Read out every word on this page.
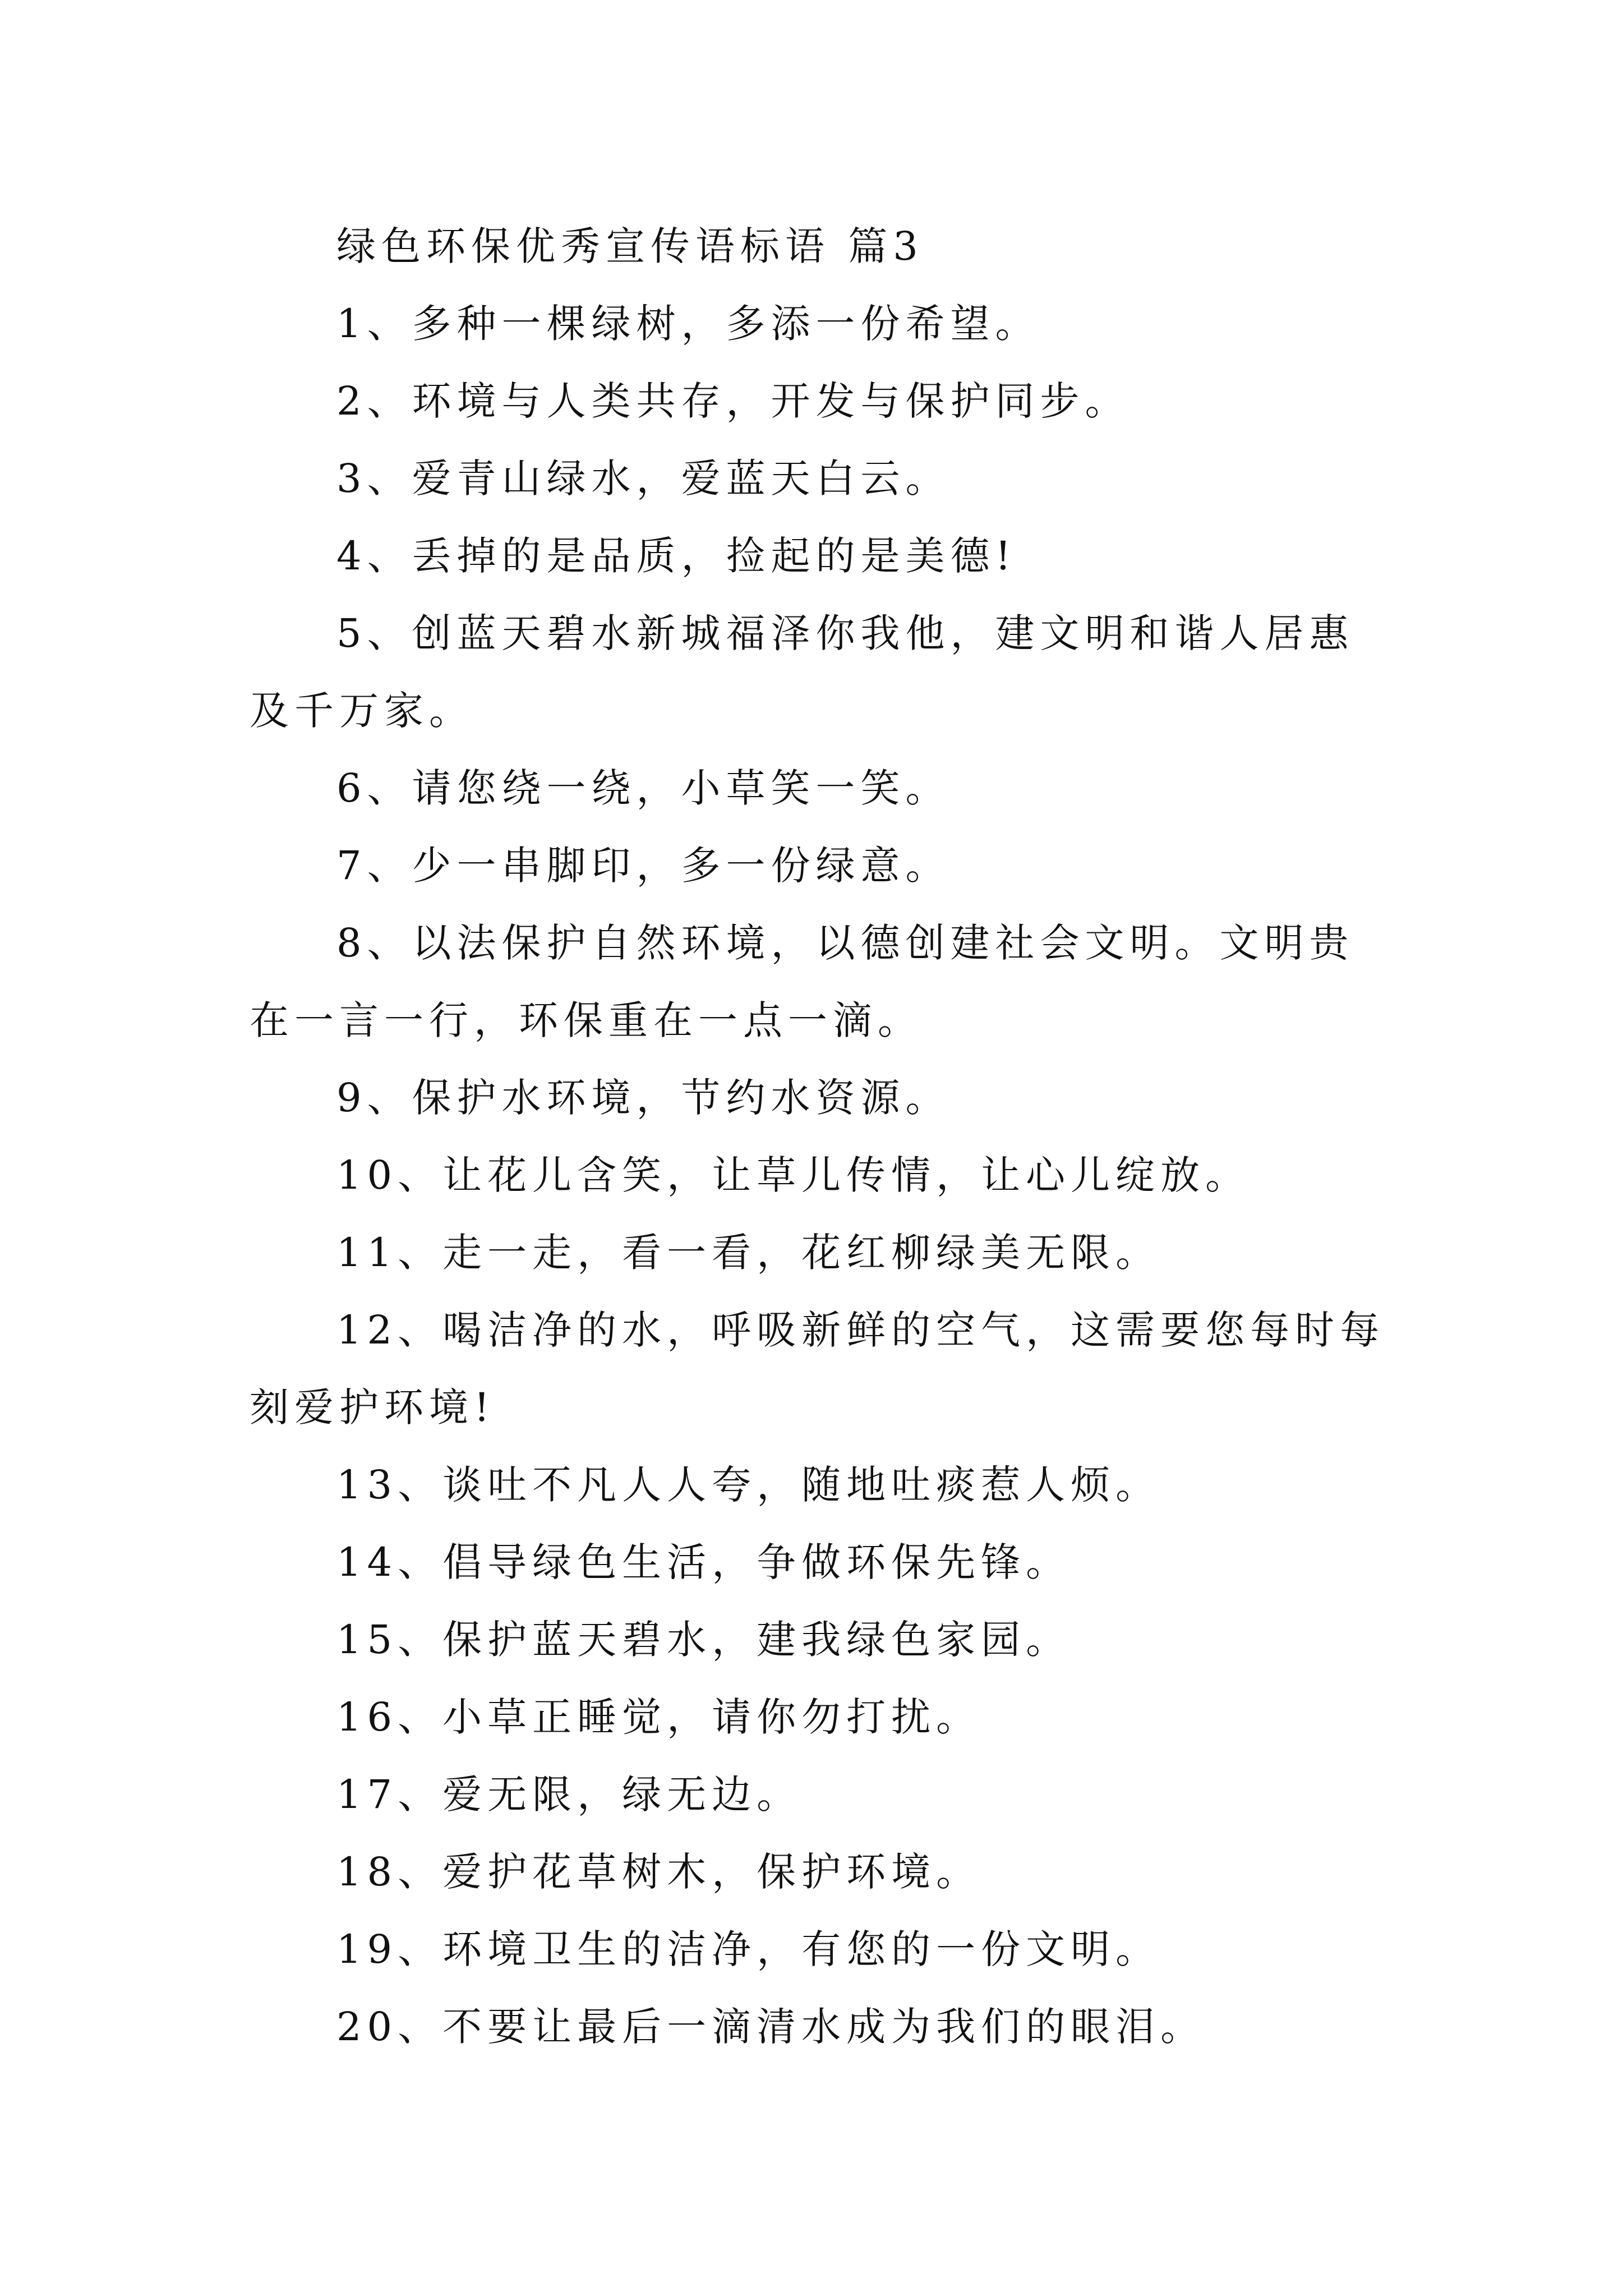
绿色环保优秀宣传语标语 篇3

1、多种一棵绿树，多添一份希望。

2、环境与人类共存，开发与保护同步。

3、爱青山绿水，爱蓝天白云。

4、丢掉的是品质，捡起的是美德!

5、创蓝天碧水新城福泽你我他，建文明和谐人居惠及千万家。

6、请您绕一绕，小草笑一笑。

7、少一串脚印，多一份绿意。

8、以法保护自然环境，以德创建社会文明。文明贵在一言一行，环保重在一点一滴。

9、保护水环境，节约水资源。

10、让花儿含笑，让草儿传情，让心儿绽放。

11、走一走，看一看，花红柳绿美无限。

12、喝洁净的水，呼吸新鲜的空气，这需要您每时每刻爱护环境!

13、谈吐不凡人人夸，随地吐痰惹人烦。

14、倡导绿色生活，争做环保先锋。

15、保护蓝天碧水，建我绿色家园。

16、小草正睡觉，请你勿打扰。

17、爱无限，绿无边。

18、爱护花草树木，保护环境。

19、环境卫生的洁净，有您的一份文明。

20、不要让最后一滴清水成为我们的眼泪。
